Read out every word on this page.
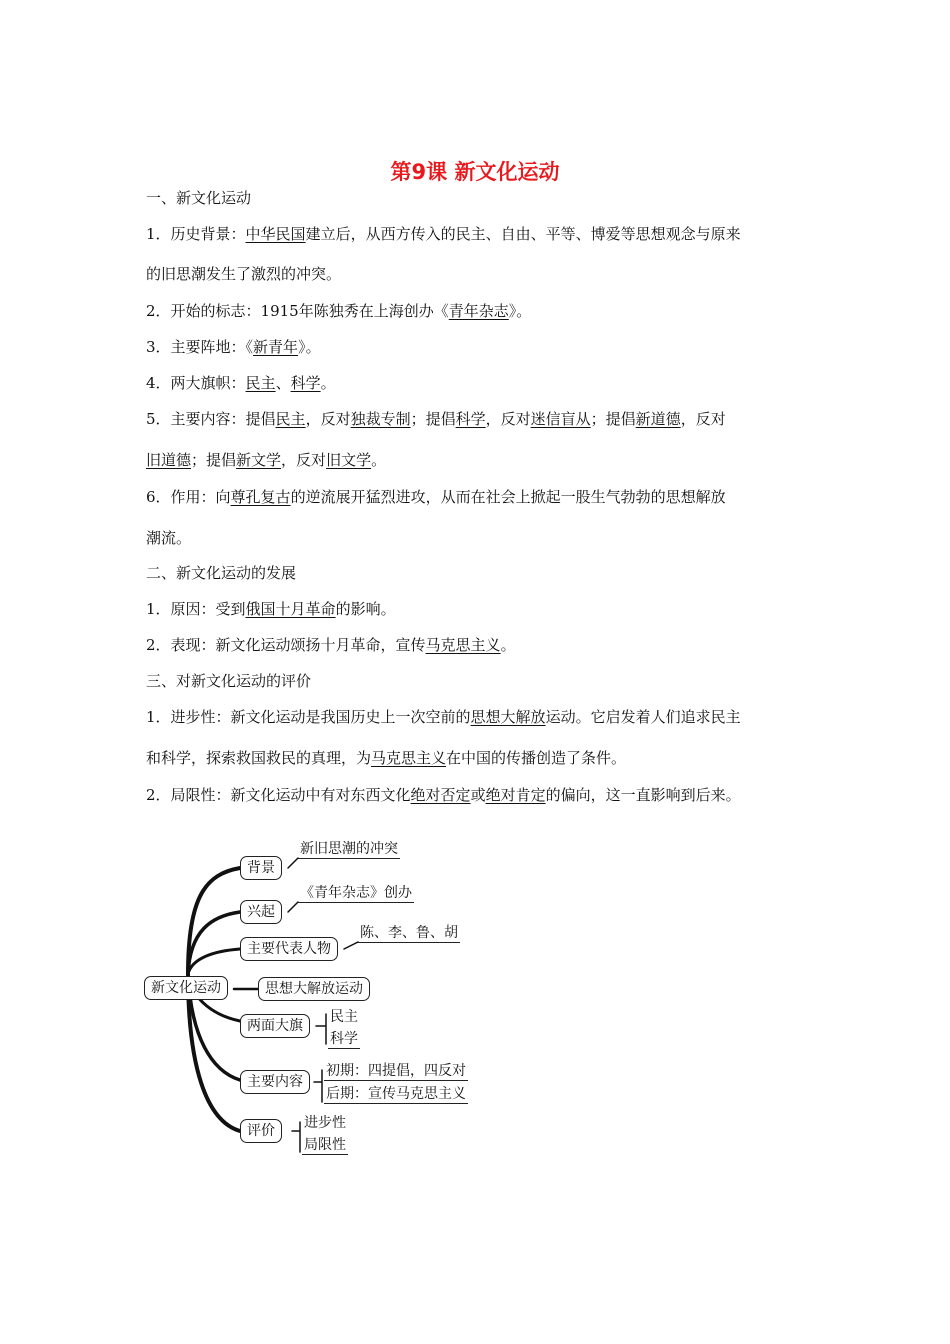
第9课 新文化运动

一、新文化运动

1．历史背景：中华民国建立后，从西方传入的民主、自由、平等、博爱等思想观念与原来

的旧思潮发生了激烈的冲突。

2．开始的标志：1915年陈独秀在上海创办《青年杂志》。

3．主要阵地：《新青年》。

4．两大旗帜：民主、科学。

5．主要内容：提倡民主，反对独裁专制；提倡科学，反对迷信盲从；提倡新道德，反对

旧道德；提倡新文学，反对旧文学。

6．作用：向尊孔复古的逆流展开猛烈进攻，从而在社会上掀起一股生气勃勃的思想解放

潮流。

二、新文化运动的发展

1．原因：受到俄国十月革命的影响。

2．表现：新文化运动颂扬十月革命，宣传马克思主义。

三、对新文化运动的评价

1．进步性：新文化运动是我国历史上一次空前的思想大解放运动。它启发着人们追求民主

和科学，探索救国救民的真理，为马克思主义在中国的传播创造了条件。

2．局限性：新文化运动中有对东西文化绝对否定或绝对肯定的偏向，这一直影响到后来。

新文化运动
背景
新旧思潮的冲突
兴起
《青年杂志》创办
主要代表人物
陈、李、鲁、胡
思想大解放运动
两面大旗
民主
科学
主要内容
初期：四提倡，四反对
后期：宣传马克思主义
评价	进步性
局限性
